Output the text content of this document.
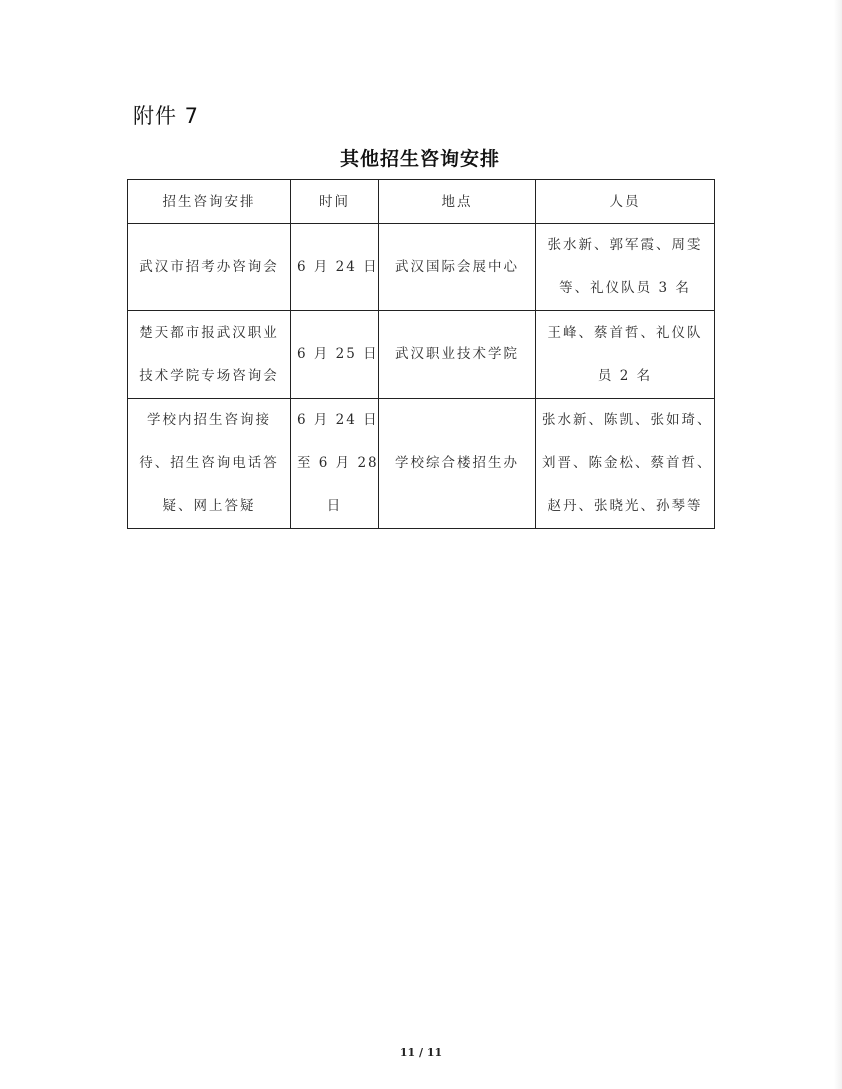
附件 7
其他招生咨询安排
招生咨询安排	时间	地点	人员

武汉市招考办咨询会	6 月 24 日	武汉国际会展中心	张水新、郭军霞、周雯
等、礼仪队员 3 名

楚天都市报武汉职业
技术学院专场咨询会	6 月 25 日	武汉职业技术学院	王峰、蔡首哲、礼仪队
员 2 名

学校内招生咨询接
待、招生咨询电话答
疑、网上答疑	6 月 24 日
至 6 月 28
日	学校综合楼招生办	张水新、陈凯、张如琦、
刘晋、陈金松、蔡首哲、
赵丹、张晓光、孙琴等
11 / 11
